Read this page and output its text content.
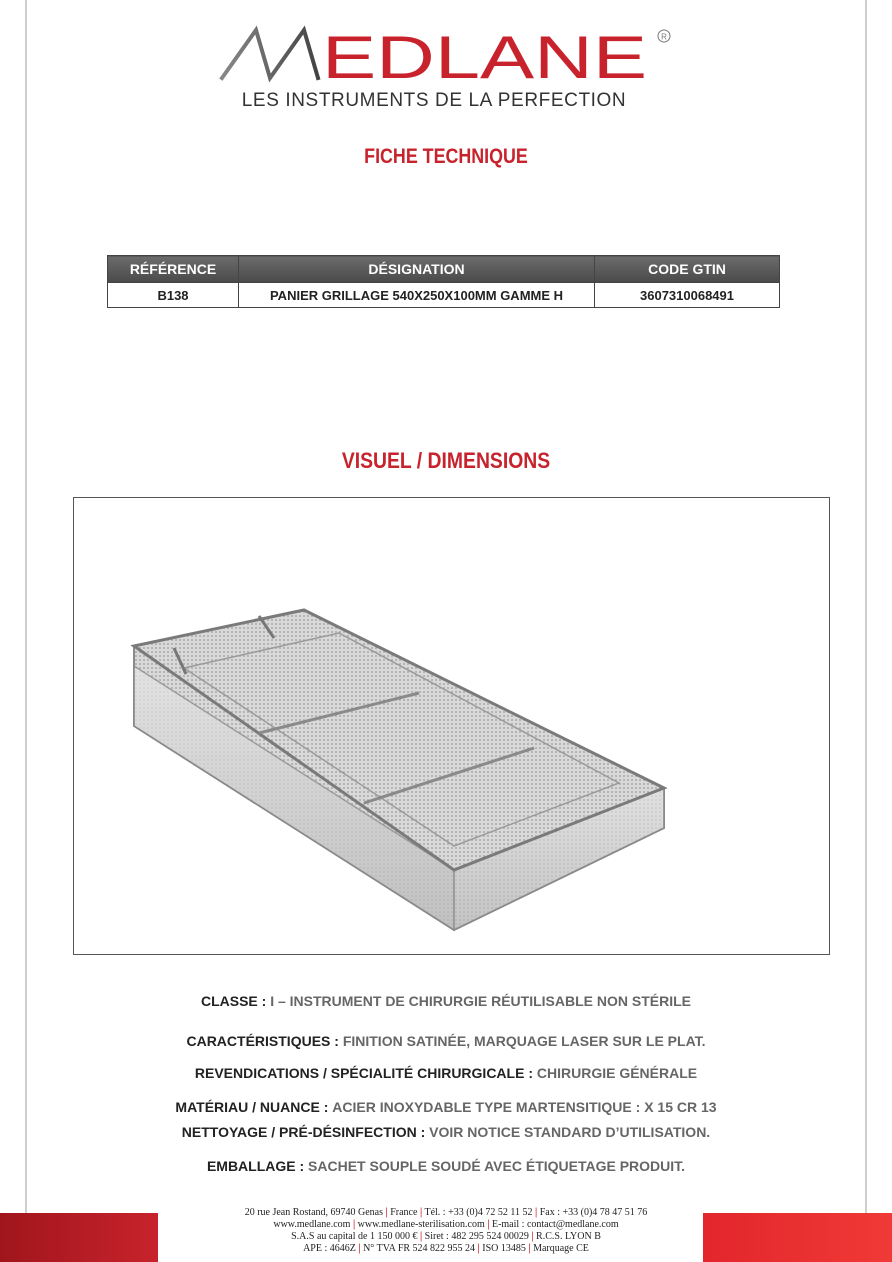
EDLANE R
LES INSTRUMENTS DE LA PERFECTION
FICHE TECHNIQUE
RÉFÉRENCE	DÉSIGNATION	CODE GTIN
B138	PANIER GRILLAGE 540X250X100MM GAMME H	3607310068491
VISUEL / DIMENSIONS
CLASSE : I – INSTRUMENT DE CHIRURGIE RÉUTILISABLE NON STÉRILE
CARACTÉRISTIQUES : FINITION SATINÉE, MARQUAGE LASER SUR LE PLAT.
REVENDICATIONS / SPÉCIALITÉ CHIRURGICALE : CHIRURGIE GÉNÉRALE
MATÉRIAU / NUANCE : ACIER INOXYDABLE TYPE MARTENSITIQUE : X 15 CR 13
NETTOYAGE / PRÉ-DÉSINFECTION : VOIR NOTICE STANDARD D’UTILISATION.
EMBALLAGE : SACHET SOUPLE SOUDÉ AVEC ÉTIQUETAGE PRODUIT.
20 rue Jean Rostand, 69740 Genas | France | Tél. : +33 (0)4 72 52 11 52 | Fax : +33 (0)4 78 47 51 76
www.medlane.com | www.medlane-sterilisation.com | E-mail : contact@medlane.com
S.A.S au capital de 1 150 000 € | Siret : 482 295 524 00029 | R.C.S. LYON B
APE : 4646Z | N° TVA FR 524 822 955 24 | ISO 13485 | Marquage CE
